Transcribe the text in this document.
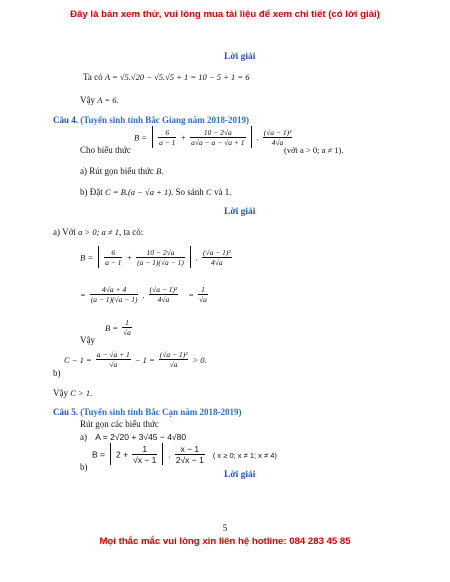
Đây là bản xem thử, vui lòng mua tài liệu để xem chi tiết (có lời giải)
Lời giải
Ta có A = √5.√20 − √5.√5 + 1 = 10 − 5 + 1 = 6
Vậy A = 6.
Câu 4. (Tuyển sinh tỉnh Bắc Giang năm 2018-2019)
$B = \frac{6}{a - 1} + \frac{10 - 2√a}{a√a - a - √a + 1}$ . $\frac{\text{(√a − 1)²}}{4√a}$
Cho biểu thức	(với a > 0; a ≠ 1).
a) Rút gọn biểu thức B.
b) Đặt C = B.(a − √a + 1). So sánh C và 1.
Lời giải
a) Với a > 0; a ≠ 1, ta có:
$B = \frac{6}{a - 1} + \frac{10 - 2√a}{(a - 1)(√a - 1)}$ . $\frac{\text{(√a − 1)²}}{4√a}$
= $\frac{4√a + 4}{(a - 1)(√a - 1)}$ . $\frac{\text{(√a − 1)²}}{4√a} = \frac{1}{√a}$
$_{Vậy}$ $B = \frac{1}{√a}$
b)
$C - 1 = \frac{a - √a + 1}{√a} - 1 = \frac{\text{(√a − 1)²}}{√a} > 0$.
Vậy C > 1.
Câu 5. (Tuyển sinh tỉnh Bắc Cạn năm 2018-2019)
Rút gọn các biểu thức
a) A = 2√20 + 3√45 − 4√80
b)
$B = 2 + \frac{1}{√x - 1}$ . $\frac{x - 1}{2√x - 1}$ ( x ≥ 0; x ≠ 1; x ≠ 4)
Lời giải
5
Mọi thắc mắc vui lòng xin liên hệ hotline: 084 283 45 85
